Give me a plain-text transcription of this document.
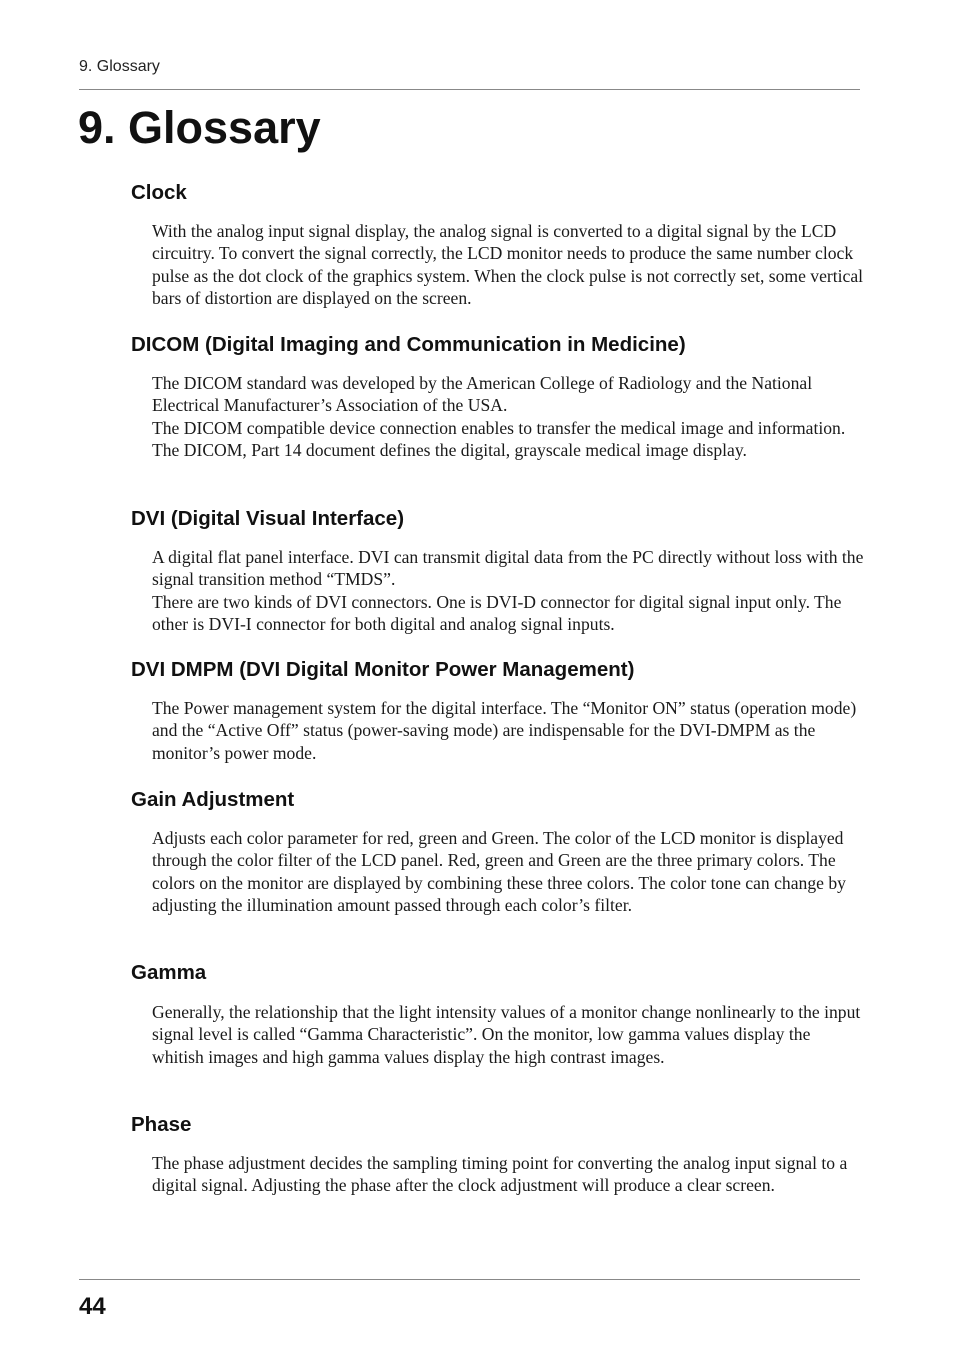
9. Glossary
9. Glossary
Clock

With the analog input signal display, the analog signal is converted to a digital signal by the LCD circuitry. To convert the signal correctly, the LCD monitor needs to produce the same number clock pulse as the dot clock of the graphics system. When the clock pulse is not correctly set, some vertical bars of distortion are displayed on the screen.

DICOM (Digital Imaging and Communication in Medicine)

The DICOM standard was developed by the American College of Radiology and the National Electrical Manufacturer’s Association of the USA.

The DICOM compatible device connection enables to transfer the medical image and information. The DICOM, Part 14 document defines the digital, grayscale medical image display.

DVI (Digital Visual Interface)

A digital flat panel interface. DVI can transmit digital data from the PC directly without loss with the signal transition method “TMDS”.

There are two kinds of DVI connectors. One is DVI-D connector for digital signal input only. The other is DVI-I connector for both digital and analog signal inputs.

DVI DMPM (DVI Digital Monitor Power Management)

The Power management system for the digital interface. The “Monitor ON” status (operation mode) and the “Active Off” status (power-saving mode) are indispensable for the DVI-DMPM as the monitor’s power mode.

Gain Adjustment

Adjusts each color parameter for red, green and Green. The color of the LCD monitor is displayed through the color filter of the LCD panel. Red, green and Green are the three primary colors. The colors on the monitor are displayed by combining these three colors. The color tone can change by adjusting the illumination amount passed through each color’s filter.

Gamma

Generally, the relationship that the light intensity values of a monitor change nonlinearly to the input signal level is called “Gamma Characteristic”. On the monitor, low gamma values display the whitish images and high gamma values display the high contrast images.

Phase

The phase adjustment decides the sampling timing point for converting the analog input signal to a digital signal. Adjusting the phase after the clock adjustment will produce a clear screen.

44
